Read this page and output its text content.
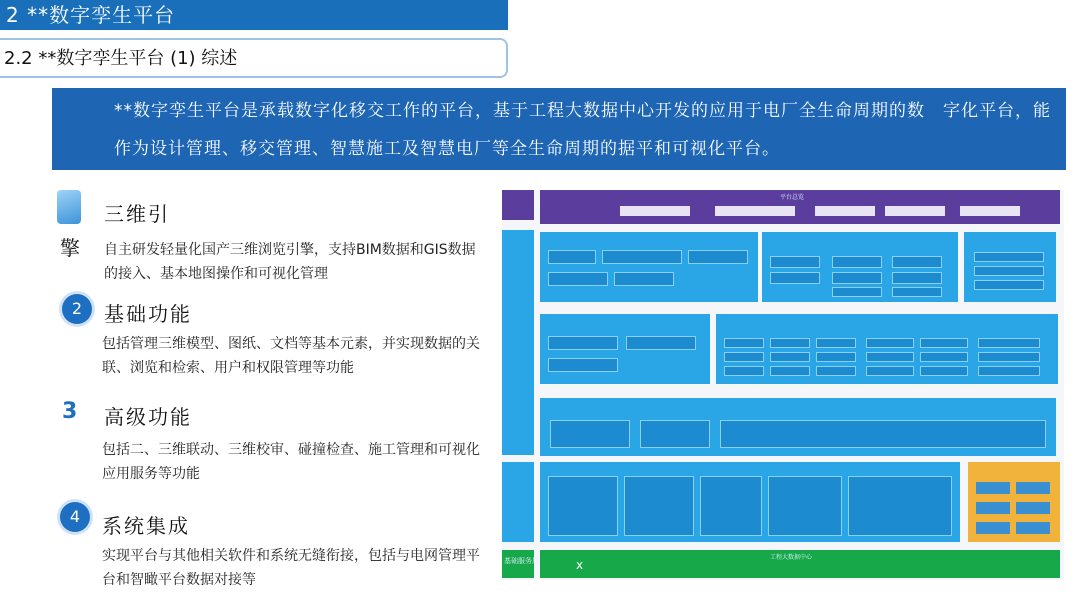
2 **数字孪生平台
2.2 **数字孪生平台 (1) 综述
**数字孪生平台是承载数字化移交工作的平台，基于工程大数据中心开发的应用于电厂全生命周期的数　字化平台，能作为设计管理、移交管理、智慧施工及智慧电厂等全生命周期的据平和可视化平台。
三维引
擎 自主研发轻量化国产三维浏览引擎，支持BIM数据和GIS数据的接入、基本地图操作和可视化管理
2	基础功能
包括管理三维模型、图纸、文档等基本元素，并实现数据的关联、浏览和检索、用户和权限管理等功能
3 高级功能
包括二、三维联动、三维校审、碰撞检查、施工管理和可视化应用服务等功能
4	系统集成
实现平台与其他相关软件和系统无缝衔接，包括与电网管理平台和智瞰平台数据对接等
基础服务层
平台总览
工程大数据中心
x
